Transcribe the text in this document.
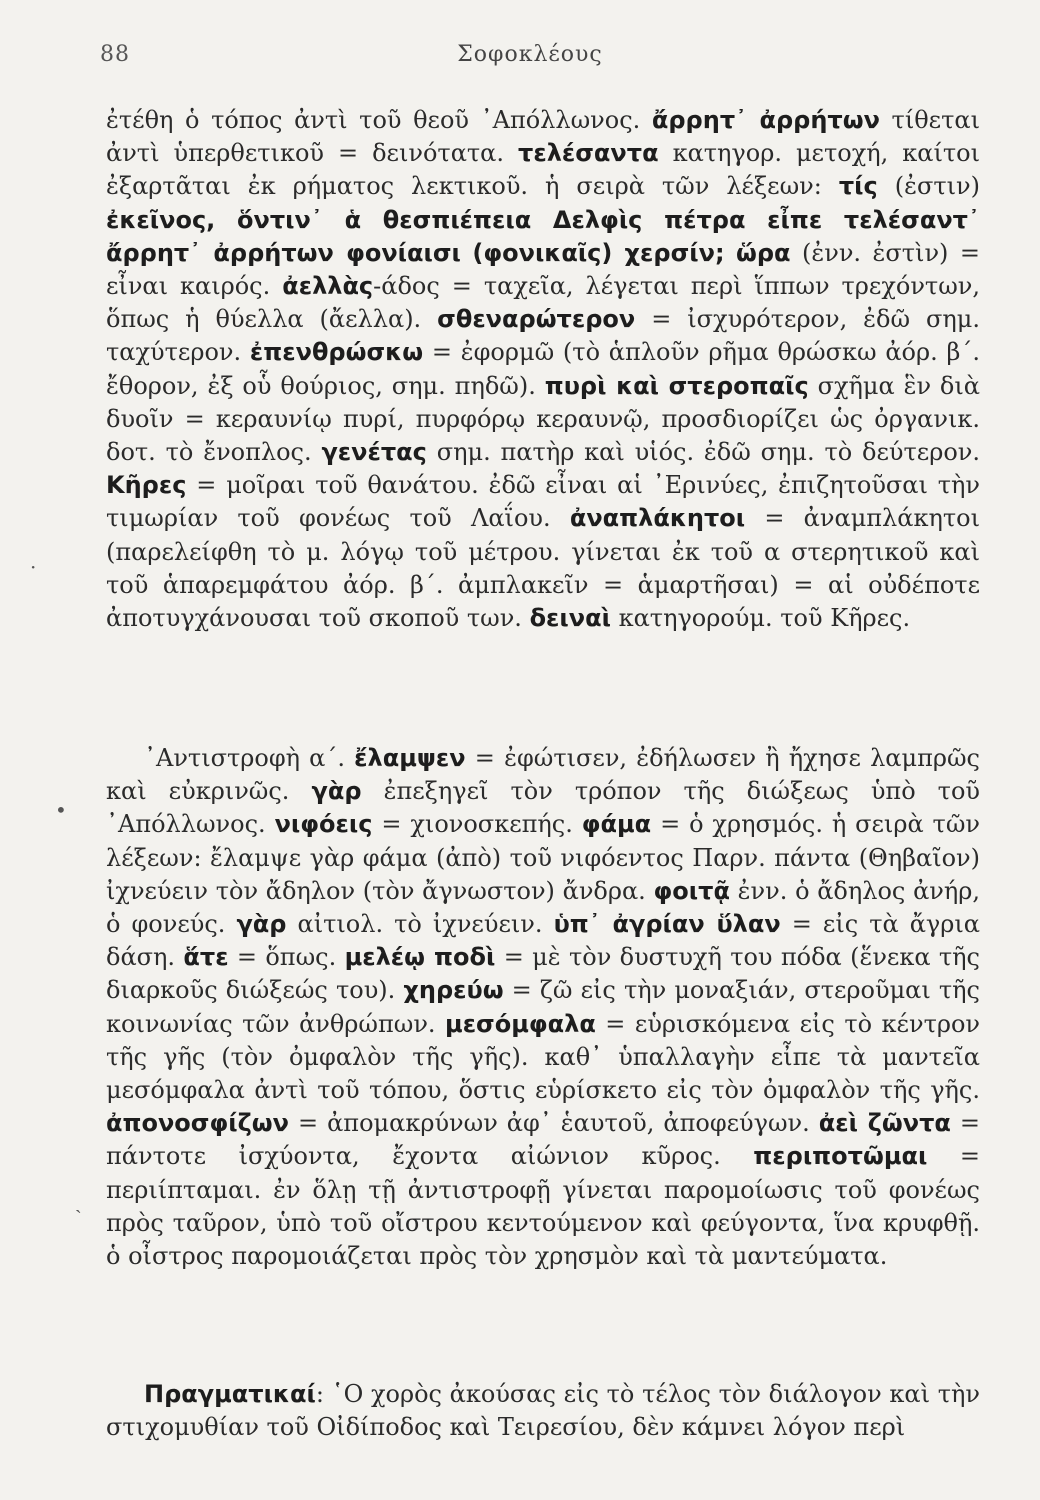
88	Σοφοκλέους

ἐτέθη ὁ τόπος ἀντὶ τοῦ θεοῦ ᾿Απόλλωνος. ἄρρητ᾿ ἀρρήτων τίθεται ἀντὶ ὑπερθετικοῦ = δεινότατα. τελέσαντα κατηγορ. μετοχή, καίτοι ἐξαρτᾶται ἐκ ρήματος λεκτικοῦ. ἡ σειρὰ τῶν λέξεων: τίς (ἐστιν) ἐκεῖνος, ὅντιν᾿ ἁ θεσπιέπεια Δελφὶς πέτρα εἶπε τελέσαντ᾿ ἄρρητ᾿ ἀρρήτων φονίαισι (φονικαῖς) χερσίν; ὥρα (ἐνν. ἐστὶν) = εἶναι καιρός. ἀελλὰς-άδος = ταχεῖα, λέγεται περὶ ἵππων τρεχόντων, ὅπως ἡ θύελλα (ἄελλα). σθεναρώτερον = ἰσχυρότερον, ἐδῶ σημ. ταχύτερον. ἐπενθρώσκω = ἐφορμῶ (τὸ ἁπλοῦν ρῆμα θρώσκω ἀόρ. β΄. ἔθορον, ἐξ οὗ θούριος, σημ. πηδῶ). πυρὶ καὶ στεροπαῖς σχῆμα ἓν διὰ δυοῖν = κεραυνίῳ πυρί, πυρφόρῳ κεραυνῷ, προσδιορίζει ὡς ὀργανικ. δοτ. τὸ ἔνοπλος. γενέτας σημ. πατὴρ καὶ υἱός. ἐδῶ σημ. τὸ δεύτερον. Κῆρες = μοῖραι τοῦ θανάτου. ἐδῶ εἶναι αἱ ᾿Ερινύες, ἐπιζητοῦσαι τὴν τιμωρίαν τοῦ φονέως τοῦ Λαΐου. ἀναπλάκητοι = ἀναμπλάκητοι (παρελείφθη τὸ μ. λόγῳ τοῦ μέτρου. γίνεται ἐκ τοῦ α στερητικοῦ καὶ τοῦ ἁπαρεμφάτου ἀόρ. β΄. ἀμπλακεῖν = ἁμαρτῆσαι) = αἱ οὐδέποτε ἀποτυγχάνουσαι τοῦ σκοποῦ των. δειναὶ κατηγορούμ. τοῦ Κῆρες.

᾿Αντιστροφὴ α΄. ἔλαμψεν = ἐφώτισεν, ἐδήλωσεν ἢ ἤχησε λαμπρῶς καὶ εὐκρινῶς. γὰρ ἐπεξηγεῖ τὸν τρόπον τῆς διώξεως ὑπὸ τοῦ ᾿Απόλλωνος. νιφόεις = χιονοσκεπής. φάμα = ὁ χρησμός. ἡ σειρὰ τῶν λέξεων: ἔλαμψε γὰρ φάμα (ἀπὸ) τοῦ νιφόεντος Παρν. πάντα (Θηβαῖον) ἰχνεύειν τὸν ἄδηλον (τὸν ἄγνωστον) ἄνδρα. φοιτᾷ ἐνν. ὁ ἄδηλος ἀνήρ, ὁ φονεύς. γὰρ αἰτιολ. τὸ ἰχνεύειν. ὑπ᾿ ἀγρίαν ὕλαν = εἰς τὰ ἄγρια δάση. ἅτε = ὅπως. μελέῳ ποδὶ = μὲ τὸν δυστυχῆ του πόδα (ἕνεκα τῆς διαρκοῦς διώξεώς του). χηρεύω = ζῶ εἰς τὴν μοναξιάν, στεροῦμαι τῆς κοινωνίας τῶν ἀνθρώπων. μεσόμφαλα = εὑρισκόμενα εἰς τὸ κέντρον τῆς γῆς (τὸν ὀμφαλὸν τῆς γῆς). καθ᾿ ὑπαλλαγὴν εἶπε τὰ μαντεῖα μεσόμφαλα ἀντὶ τοῦ τόπου, ὅστις εὑρίσκετο εἰς τὸν ὀμφαλὸν τῆς γῆς. ἀπονοσφίζων = ἀπομακρύνων ἀφ᾿ ἑαυτοῦ, ἀποφεύγων. ἀεὶ ζῶντα = πάντοτε ἰσχύοντα, ἔχοντα αἰώνιον κῦρος. περιποτῶμαι = περιίπταμαι. ἐν ὅλῃ τῇ ἀντιστροφῇ γίνεται παρομοίωσις τοῦ φονέως πρὸς ταῦρον, ὑπὸ τοῦ οἴστρου κεντούμενον καὶ φεύγοντα, ἵνα κρυφθῇ. ὁ οἶστρος παρομοιάζεται πρὸς τὸν χρησμὸν καὶ τὰ μαντεύματα.

Πραγματικαί: ῾Ο χορὸς ἀκούσας εἰς τὸ τέλος τὸν διάλογον καὶ τὴν στιχομυθίαν τοῦ Οἰδίποδος καὶ Τειρεσίου, δὲν κάμνει λόγον περὶ

·
•
˴
